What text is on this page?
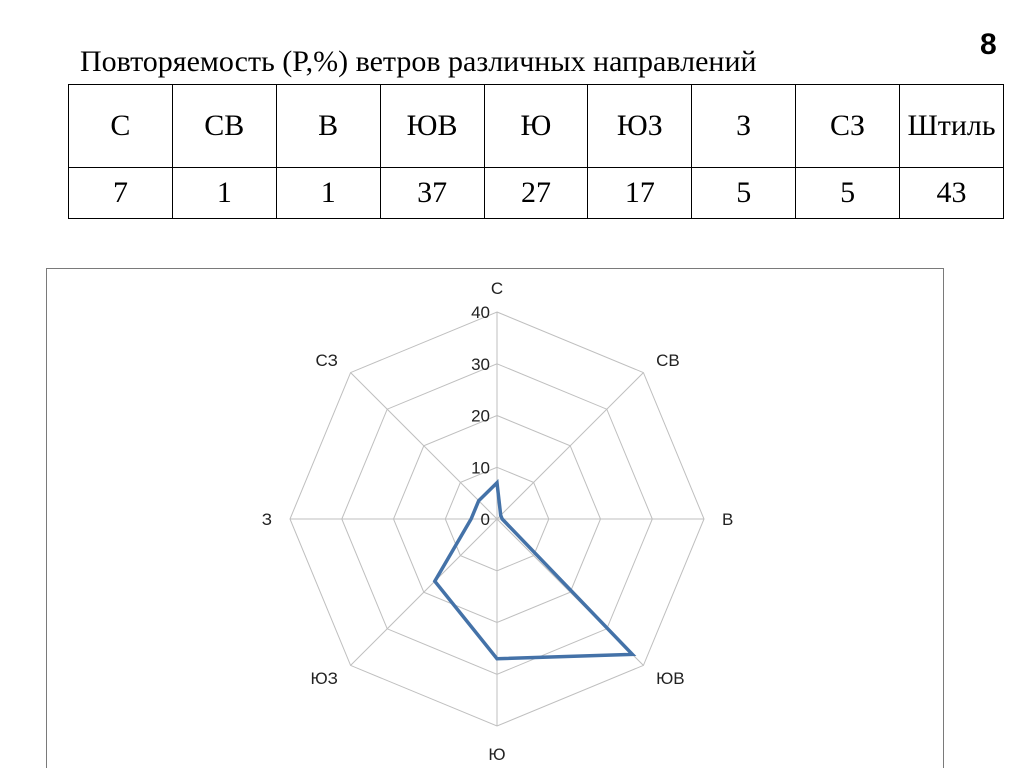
Повторяемость (P,%) ветров различных направлений
8
С	СВ	В	ЮВ	Ю	ЮЗ	З	СЗ	Штиль
7	1	1	37	27	17	5	5	43
0
10
20
30
40
С
СВ
В
ЮВ
Ю
ЮЗ
З
СЗ
